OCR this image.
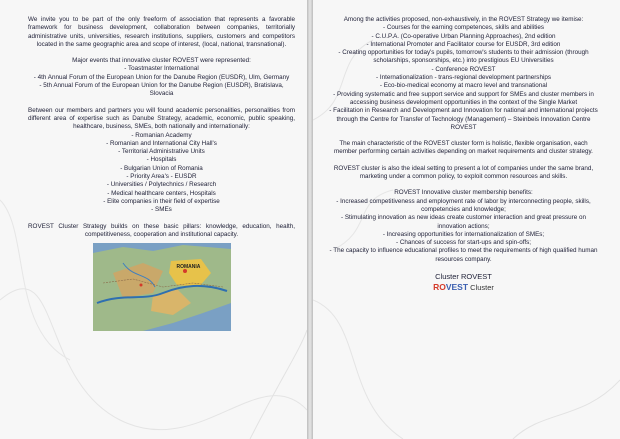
We invite you to be part of the only freeform of association that represents a favorable framework for business development, collaboration between companies, territorially administrative units, universities, research institutions, suppliers, customers and competitors located in the same geographic area and scope of interest, (local, national, transnational).

Major events that innovative cluster ROVEST were represented:
- Toastmaster International
- 4th Annual Forum of the European Union for the Danube Region (EUSDR), Ulm, Germany
- 5th Annual Forum of the European Union for the Danube Region (EUSDR), Bratislava, Slovacia

Between our members and partners you will found academic personalities, personalities from different area of expertise such as Danube Strategy, academic, economic, public speaking, healthcare, business, SMEs, both nationally and internationally:
- Romanian Academy
- Romanian and International City Hall's
- Territorial Administrative Units
- Hospitals
- Bulgarian Union of Romania
- Priority Area's - EUSDR
- Universities / Polytechnics / Research
- Medical healthcare centers, Hospitals
- Elite companies in their field of expertise
- SMEs

ROVEST Cluster Strategy builds on these basic pillars: knowledge, education, health, competitiveness, cooperation and institutional capacity.

ROMANIA

Among the activities proposed, non-exhaustively, in the ROVEST Strategy we itemise:
- Courses for the earning competences, skills and abilities
- C.U.P.A. (Co-operative Urban Planning Approaches), 2nd edition
- International Promoter and Facilitator course for EUSDR, 3rd edition
- Creating opportunities for today's pupils, tomorrow's students to their admission (through scholarships, sponsorships, etc.) into prestigious EU Universities
- Conference ROVEST
- Internationalization - trans-regional development partnerships
- Eco-bio-medical economy at macro level and transnational
- Providing systematic and free support service and support for SMEs and cluster members in accessing business development opportunities in the context of the Single Market
- Facilitation in Research and Development and Innovation for national and international projects through the Centre for Transfer of Technology (Management) – Steinbeis Innovation Centre ROVEST

The main characteristic of the ROVEST cluster form is holistic, flexible organisation, each member performing certain activities depending on market requirements and cluster strategy.

ROVEST cluster is also the ideal setting to present a lot of companies under the same brand, marketing under a common policy, to exploit common resources and skills.

ROVEST Innovative cluster membership benefits:
- Increased competitiveness and employment rate of labor by interconnecting people, skills, competencies and knowledge;
- Stimulating innovation as new ideas create customer interaction and great pressure on innovation actions;
- Increasing opportunities for internationalization of SMEs;
- Chances of success for start-ups and spin-offs;
- The capacity to influence educational profiles to meet the requirements of high qualified human resources company.

Cluster ROVEST
ROVEST Cluster
